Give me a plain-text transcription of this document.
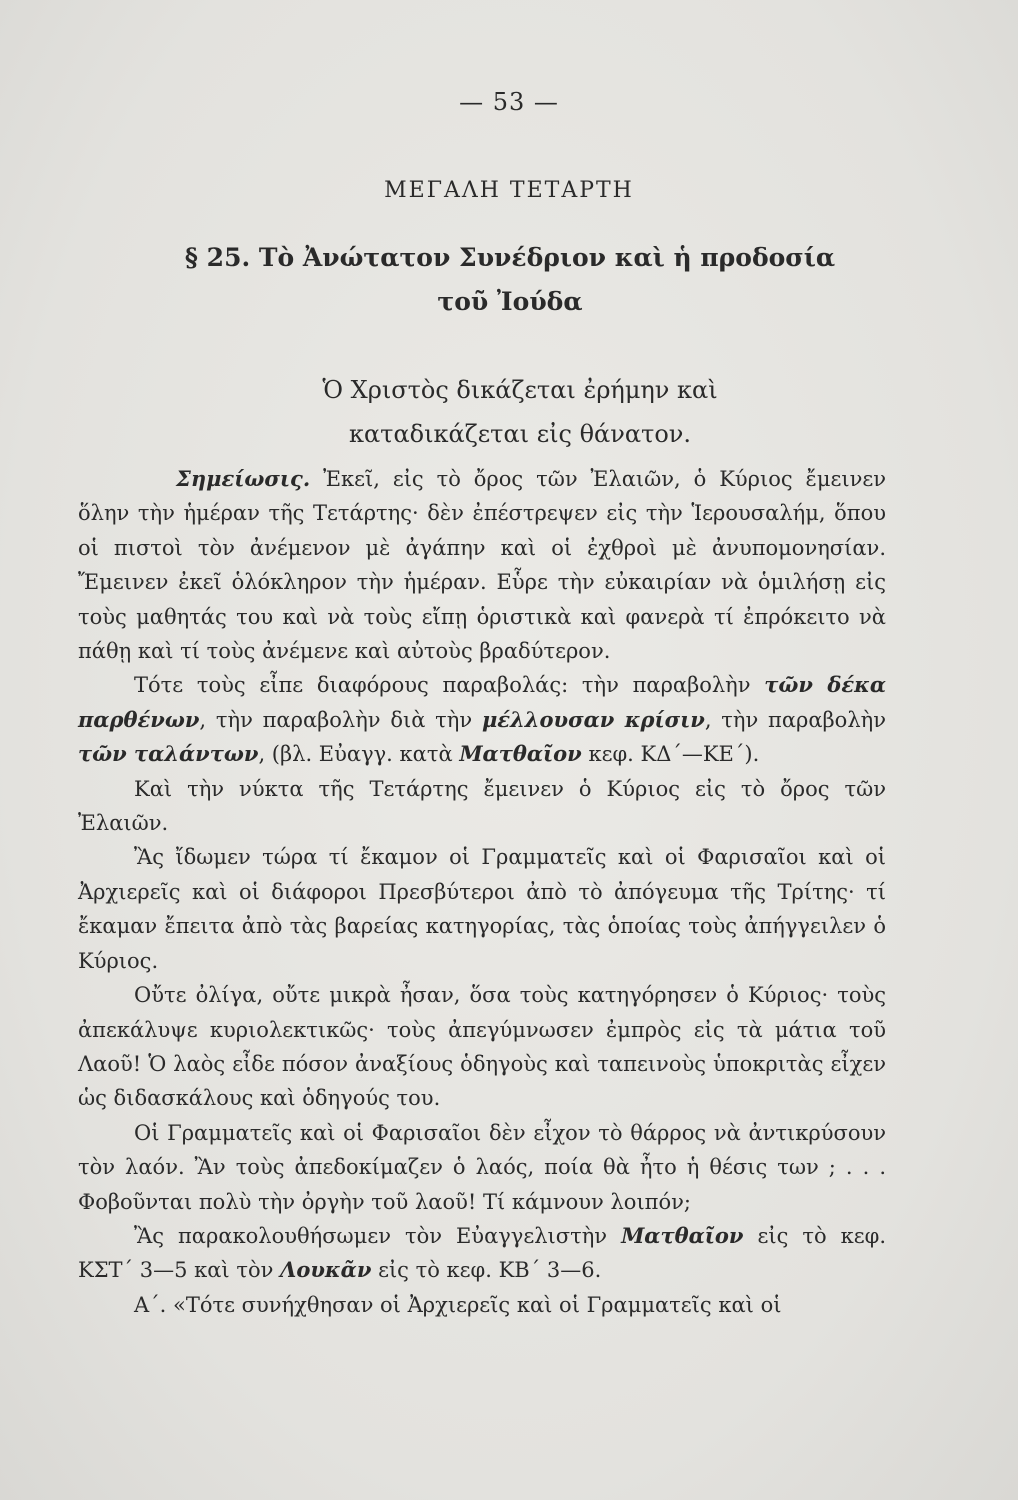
— 53 —
ΜΕΓΑΛΗ ΤΕΤΑΡΤΗ
§ 25. Τὸ Ἀνώτατον Συνέδριον καὶ ἡ προδοσία
τοῦ Ἰούδα
Ὁ Χριστὸς δικάζεται ἐρήμην καὶ
καταδικάζεται εἰς θάνατον.

Σημείωσις. Ἐκεῖ, εἰς τὸ ὄρος τῶν Ἐλαιῶν, ὁ Κύριος ἔμεινεν ὅλην τὴν ἡμέραν τῆς Τετάρτης· δὲν ἐπέστρεψεν εἰς τὴν Ἱερουσαλήμ, ὅπου οἱ πιστοὶ τὸν ἀνέμενον μὲ ἀγάπην καὶ οἱ ἐχθροὶ μὲ ἀνυπομονησίαν. Ἔμεινεν ἐκεῖ ὁλόκληρον τὴν ἡμέραν. Εὗρε τὴν εὐκαιρίαν νὰ ὁμιλήσῃ εἰς τοὺς μαθητάς του καὶ νὰ τοὺς εἴπῃ ὁριστικὰ καὶ φανερὰ τί ἐπρόκειτο νὰ πάθῃ καὶ τί τοὺς ἀνέμενε καὶ αὐτοὺς βραδύτερον.

Τότε τοὺς εἶπε διαφόρους παραβολάς: τὴν παραβολὴν τῶν δέκα παρθένων, τὴν παραβολὴν διὰ τὴν μέλλουσαν κρίσιν, τὴν παραβολὴν τῶν ταλάντων, (βλ. Εὐαγγ. κατὰ Ματθαῖον κεφ. ΚΔ΄—ΚΕ΄).

Καὶ τὴν νύκτα τῆς Τετάρτης ἔμεινεν ὁ Κύριος εἰς τὸ ὄρος τῶν Ἐλαιῶν.

Ἂς ἴδωμεν τώρα τί ἔκαμον οἱ Γραμματεῖς καὶ οἱ Φαρισαῖοι καὶ οἱ Ἀρχιερεῖς καὶ οἱ διάφοροι Πρεσβύτεροι ἀπὸ τὸ ἀπόγευμα τῆς Τρίτης· τί ἔκαμαν ἔπειτα ἀπὸ τὰς βαρείας κατηγορίας, τὰς ὁποίας τοὺς ἀπήγγειλεν ὁ Κύριος.

Οὔτε ὀλίγα, οὔτε μικρὰ ἦσαν, ὅσα τοὺς κατηγόρησεν ὁ Κύριος· τοὺς ἀπεκάλυψε κυριολεκτικῶς· τοὺς ἀπεγύμνωσεν ἐμπρὸς εἰς τὰ μάτια τοῦ Λαοῦ! Ὁ λαὸς εἶδε πόσον ἀναξίους ὁδηγοὺς καὶ ταπεινοὺς ὑποκριτὰς εἶχεν ὡς διδασκάλους καὶ ὁδηγούς του.

Οἱ Γραμματεῖς καὶ οἱ Φαρισαῖοι δὲν εἶχον τὸ θάρρος νὰ ἀντικρύσουν τὸν λαόν. Ἂν τοὺς ἀπεδοκίμαζεν ὁ λαός, ποία θὰ ἦτο ἡ θέσις των ; . . . Φοβοῦνται πολὺ τὴν ὀργὴν τοῦ λαοῦ! Τί κάμνουν λοιπόν;

Ἂς παρακολουθήσωμεν τὸν Εὐαγγελιστὴν Ματθαῖον εἰς τὸ κεφ. ΚΣΤ΄ 3—5 καὶ τὸν Λουκᾶν εἰς τὸ κεφ. ΚΒ΄ 3—6.

Α΄. «Τότε συνήχθησαν οἱ Ἀρχιερεῖς καὶ οἱ Γραμματεῖς καὶ οἱ
